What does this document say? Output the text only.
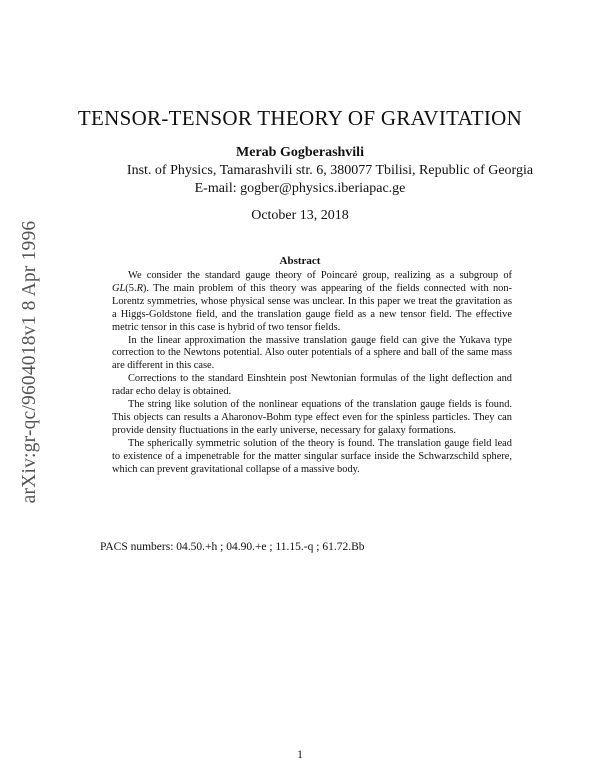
arXiv:gr-qc/9604018v1 8 Apr 1996
TENSOR-TENSOR THEORY OF GRAVITATION
Merab Gogberashvili
Inst. of Physics, Tamarashvili str. 6, 380077 Tbilisi, Republic of Georgia
E-mail: gogber@physics.iberiapac.ge
October 13, 2018
Abstract

We consider the standard gauge theory of Poincaré group, realizing as a subgroup of GL(5.R). The main problem of this theory was appearing of the fields connected with non-Lorentz symmetries, whose physical sense was unclear. In this paper we treat the gravitation as a Higgs-Goldstone field, and the translation gauge field as a new tensor field. The effective metric tensor in this case is hybrid of two tensor fields.

In the linear approximation the massive translation gauge field can give the Yukava type correction to the Newtons potential. Also outer potentials of a sphere and ball of the same mass are different in this case.

Corrections to the standard Einshtein post Newtonian formulas of the light deflection and radar echo delay is obtained.

The string like solution of the nonlinear equations of the translation gauge fields is found. This objects can results a Aharonov-Bohm type effect even for the spinless particles. They can provide density fluctuations in the early universe, necessary for galaxy formations.

The spherically symmetric solution of the theory is found. The translation gauge field lead to existence of a impenetrable for the matter singular surface inside the Schwarzschild sphere, which can prevent gravitational collapse of a massive body.

PACS numbers: 04.50.+h ; 04.90.+e ; 11.15.-q ; 61.72.Bb
1
